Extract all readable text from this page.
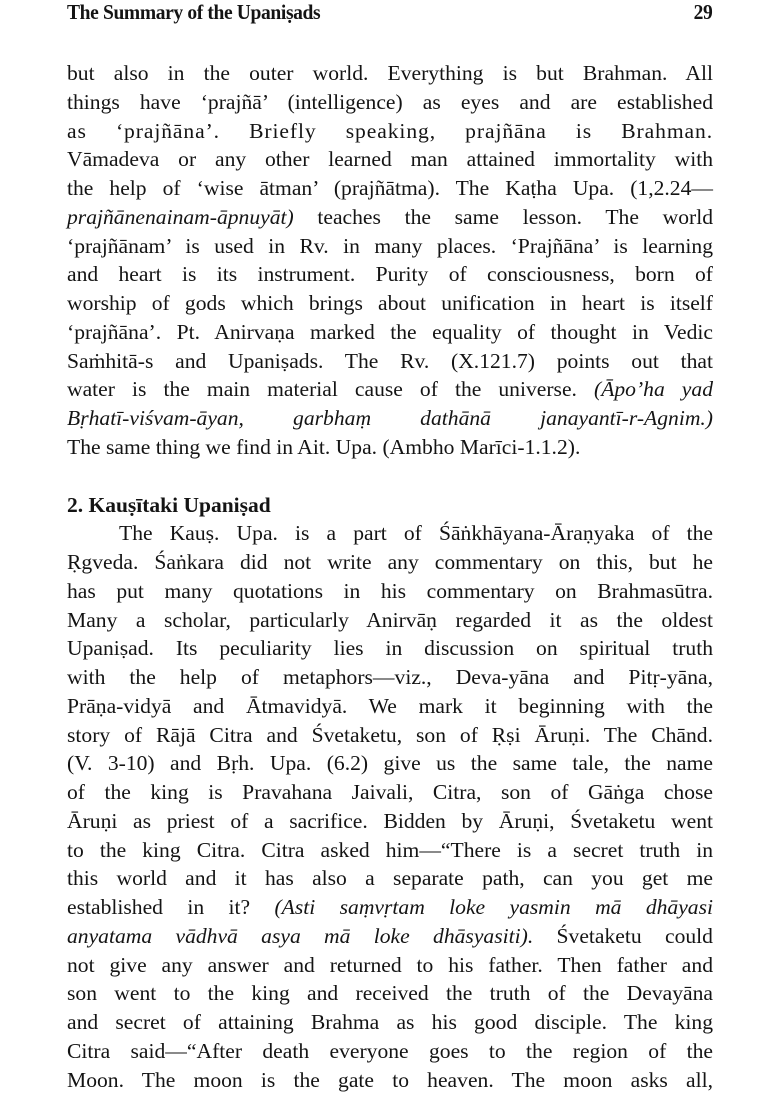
The Summary of the Upaniṣads	29
but also in the outer world. Everything is but Brahman. All
things have ‘prajñā’ (intelligence) as eyes and are established
as ‘prajñāna’. Briefly speaking, prajñāna is Brahman.
Vāmadeva or any other learned man attained immortality with
the help of ‘wise ātman’ (prajñātma). The Kaṭha Upa. (1,2.24—
prajñānenainam-āpnuyāt) teaches the same lesson. The world
‘prajñānam’ is used in Rv. in many places. ‘Prajñāna’ is learning
and heart is its instrument. Purity of consciousness, born of
worship of gods which brings about unification in heart is itself
‘prajñāna’. Pt. Anirvaṇa marked the equality of thought in Vedic
Saṁhitā-s and Upaniṣads. The Rv. (X.121.7) points out that
water is the main material cause of the universe. (Āpo’ha yad
Bṛhatī-viśvam-āyan, garbhaṃ dathānā janayantī-r-Agnim.)
The same thing we find in Ait. Upa. (Ambho Marīci-1.1.2).
2. Kauṣītaki Upaniṣad
The Kauṣ. Upa. is a part of Śāṅkhāyana-Āraṇyaka of the
Ṛgveda. Śaṅkara did not write any commentary on this, but he
has put many quotations in his commentary on Brahmasūtra.
Many a scholar, particularly Anirvāṇ regarded it as the oldest
Upaniṣad. Its peculiarity lies in discussion on spiritual truth
with the help of metaphors—viz., Deva-yāna and Pitṛ-yāna,
Prāṇa-vidyā and Ātmavidyā. We mark it beginning with the
story of Rājā Citra and Śvetaketu, son of Ṛṣi Āruṇi. The Chānd.
(V. 3-10) and Bṛh. Upa. (6.2) give us the same tale, the name
of the king is Pravahana Jaivali, Citra, son of Gāṅga chose
Āruṇi as priest of a sacrifice. Bidden by Āruṇi, Śvetaketu went
to the king Citra. Citra asked him—“There is a secret truth in
this world and it has also a separate path, can you get me
established in it? (Asti saṃvṛtam loke yasmin mā dhāyasi
anyatama vādhvā asya mā loke dhāsyasiti). Śvetaketu could
not give any answer and returned to his father. Then father and
son went to the king and received the truth of the Devayāna
and secret of attaining Brahma as his good disciple. The king
Citra said—“After death everyone goes to the region of the
Moon. The moon is the gate to heaven. The moon asks all,
